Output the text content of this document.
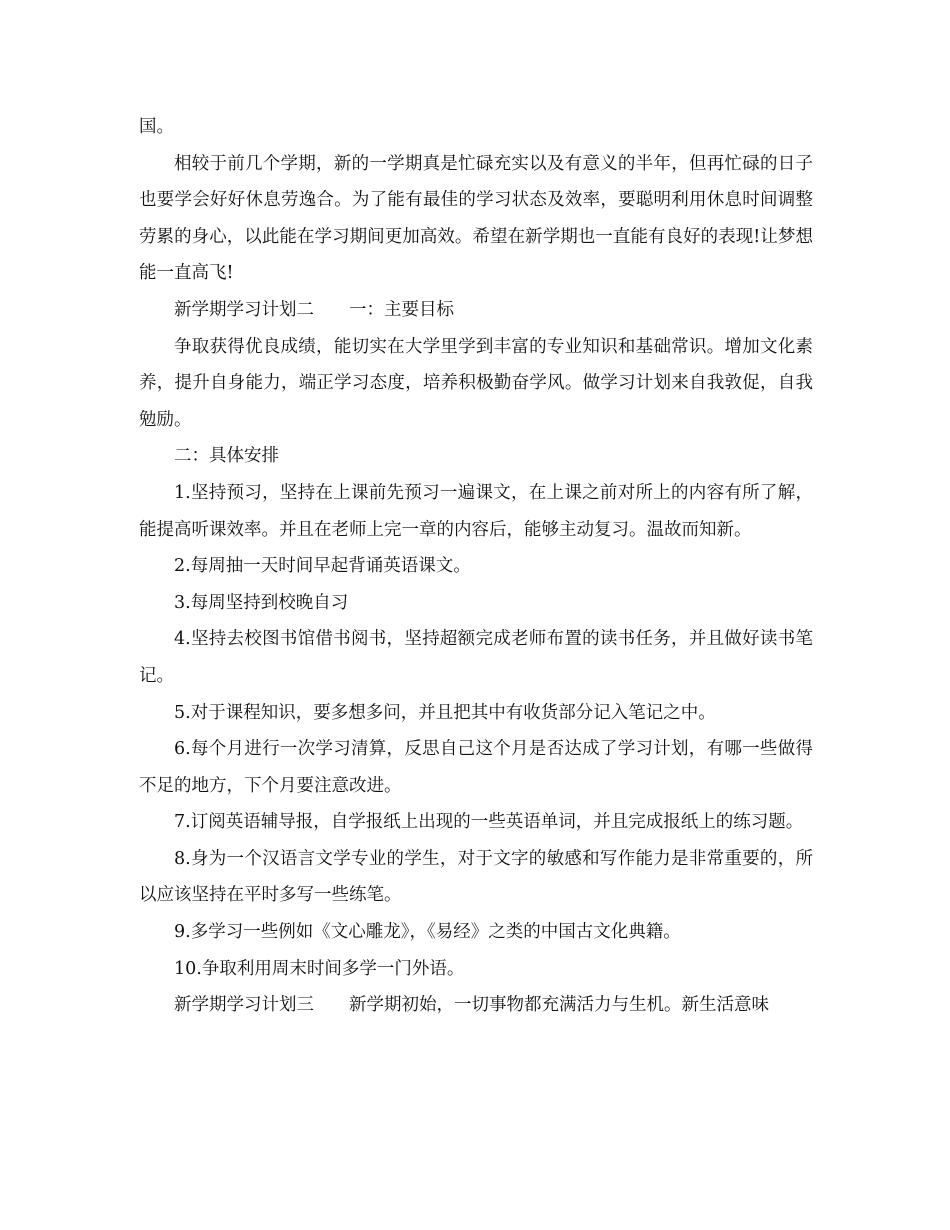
国。

相较于前几个学期，新的一学期真是忙碌充实以及有意义的半年，但再忙碌的日子也要学会好好休息劳逸合。为了能有最佳的学习状态及效率，要聪明利用休息时间调整劳累的身心，以此能在学习期间更加高效。希望在新学期也一直能有良好的表现!让梦想能一直高飞!

新学期学习计划二　　一：主要目标

争取获得优良成绩，能切实在大学里学到丰富的专业知识和基础常识。增加文化素养，提升自身能力，端正学习态度，培养积极勤奋学风。做学习计划来自我敦促，自我勉励。

二：具体安排

1.坚持预习，坚持在上课前先预习一遍课文，在上课之前对所上的内容有所了解，能提高听课效率。并且在老师上完一章的内容后，能够主动复习。温故而知新。

2.每周抽一天时间早起背诵英语课文。

3.每周坚持到校晚自习

4.坚持去校图书馆借书阅书，坚持超额完成老师布置的读书任务，并且做好读书笔记。

5.对于课程知识，要多想多问，并且把其中有收货部分记入笔记之中。

6.每个月进行一次学习清算，反思自己这个月是否达成了学习计划，有哪一些做得不足的地方，下个月要注意改进。

7.订阅英语辅导报，自学报纸上出现的一些英语单词，并且完成报纸上的练习题。

8.身为一个汉语言文学专业的学生，对于文字的敏感和写作能力是非常重要的，所以应该坚持在平时多写一些练笔。

9.多学习一些例如《文心雕龙》，《易经》之类的中国古文化典籍。

10.争取利用周末时间多学一门外语。

新学期学习计划三　　新学期初始，一切事物都充满活力与生机。新生活意味
